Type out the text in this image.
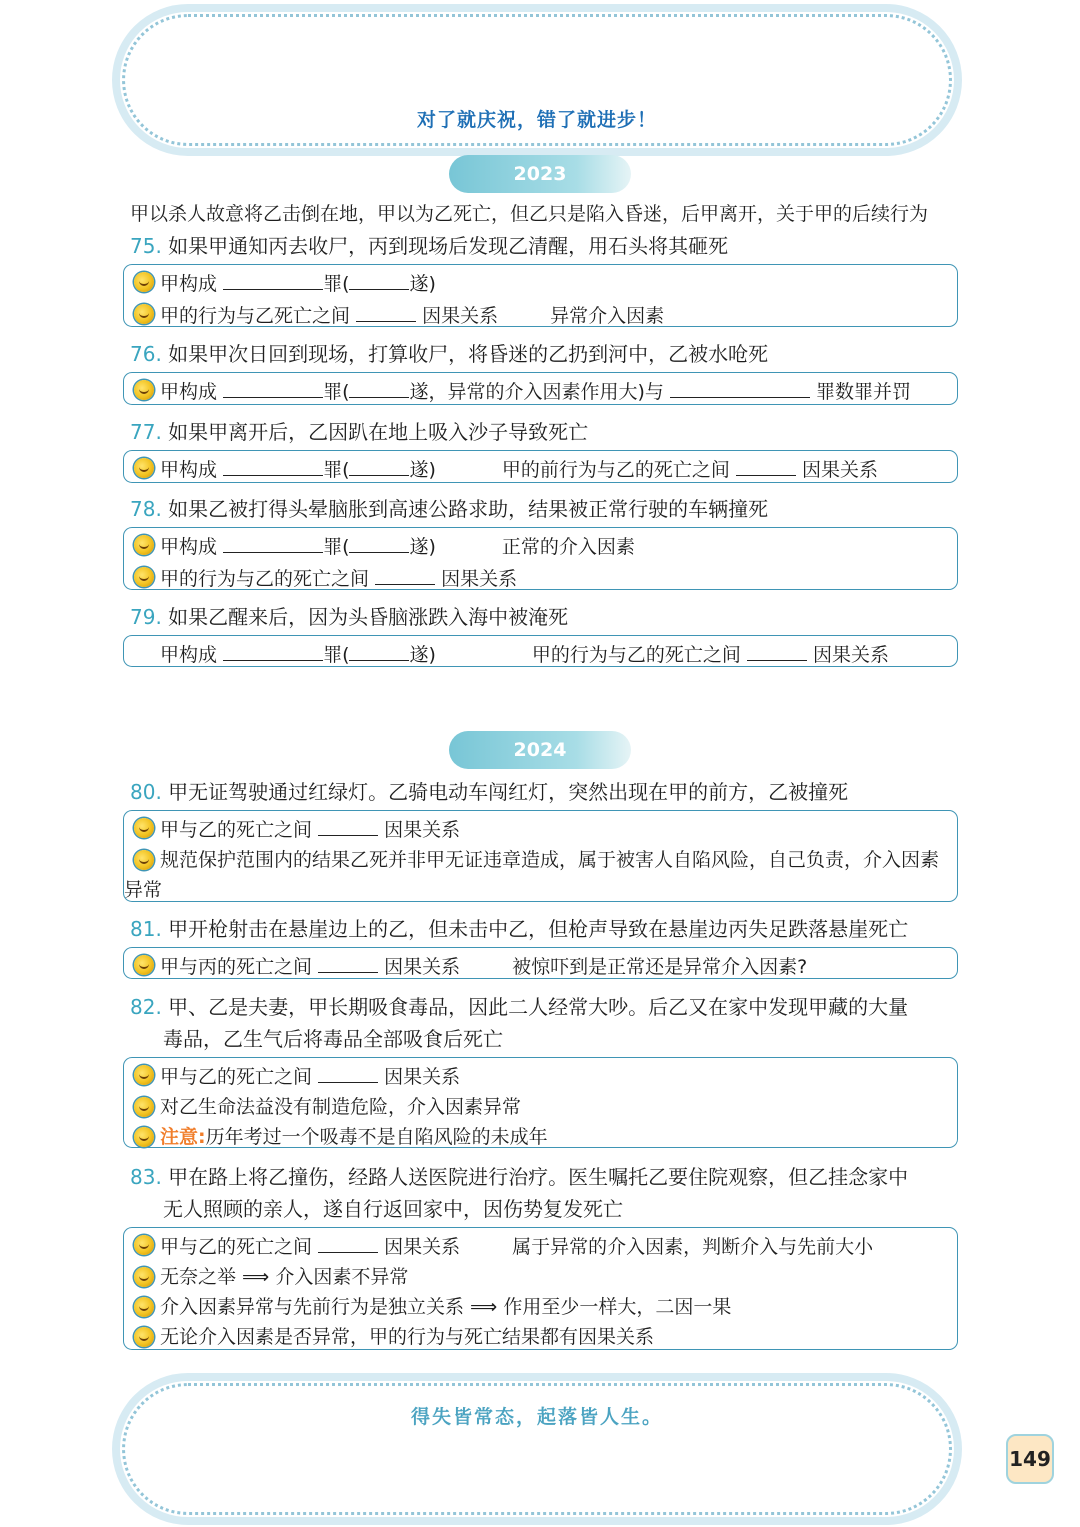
对了就庆祝，错了就进步！
2023
甲以杀人故意将乙击倒在地，甲以为乙死亡，但乙只是陷入昏迷，后甲离开，关于甲的后续行为
75. 如果甲通知丙去收尸，丙到现场后发现乙清醒，用石头将其砸死
甲构成	罪(	遂)
甲的行为与乙死亡之间	因果关系	异常介入因素
76. 如果甲次日回到现场，打算收尸，将昏迷的乙扔到河中，乙被水呛死
甲构成	罪(	遂，异常的介入因素作用大)与	罪数罪并罚
77. 如果甲离开后，乙因趴在地上吸入沙子导致死亡
甲构成	罪(	遂)	甲的前行为与乙的死亡之间	因果关系
78. 如果乙被打得头晕脑胀到高速公路求助，结果被正常行驶的车辆撞死
甲构成	罪(	遂)	正常的介入因素
甲的行为与乙的死亡之间	因果关系
79. 如果乙醒来后，因为头昏脑涨跌入海中被淹死
甲构成	罪(	遂)	甲的行为与乙的死亡之间	因果关系
2024
80. 甲无证驾驶通过红绿灯。乙骑电动车闯红灯，突然出现在甲的前方，乙被撞死
甲与乙的死亡之间	因果关系
规范保护范围内的结果乙死并非甲无证违章造成，属于被害人自陷风险，自己负责，介入因素异常
81. 甲开枪射击在悬崖边上的乙，但未击中乙，但枪声导致在悬崖边丙失足跌落悬崖死亡
甲与丙的死亡之间	因果关系	被惊吓到是正常还是异常介入因素?
82. 甲、乙是夫妻，甲长期吸食毒品，因此二人经常大吵。后乙又在家中发现甲藏的大量
毒品，乙生气后将毒品全部吸食后死亡
甲与乙的死亡之间	因果关系
对乙生命法益没有制造危险，介入因素异常
注意:历年考过一个吸毒不是自陷风险的未成年
83. 甲在路上将乙撞伤，经路人送医院进行治疗。医生嘱托乙要住院观察，但乙挂念家中
无人照顾的亲人，遂自行返回家中，因伤势复发死亡
甲与乙的死亡之间	因果关系	属于异常的介入因素，判断介入与先前大小
无奈之举 ⟹ 介入因素不异常
介入因素异常与先前行为是独立关系 ⟹ 作用至少一样大，二因一果
无论介入因素是否异常，甲的行为与死亡结果都有因果关系
得失皆常态，起落皆人生。
149
